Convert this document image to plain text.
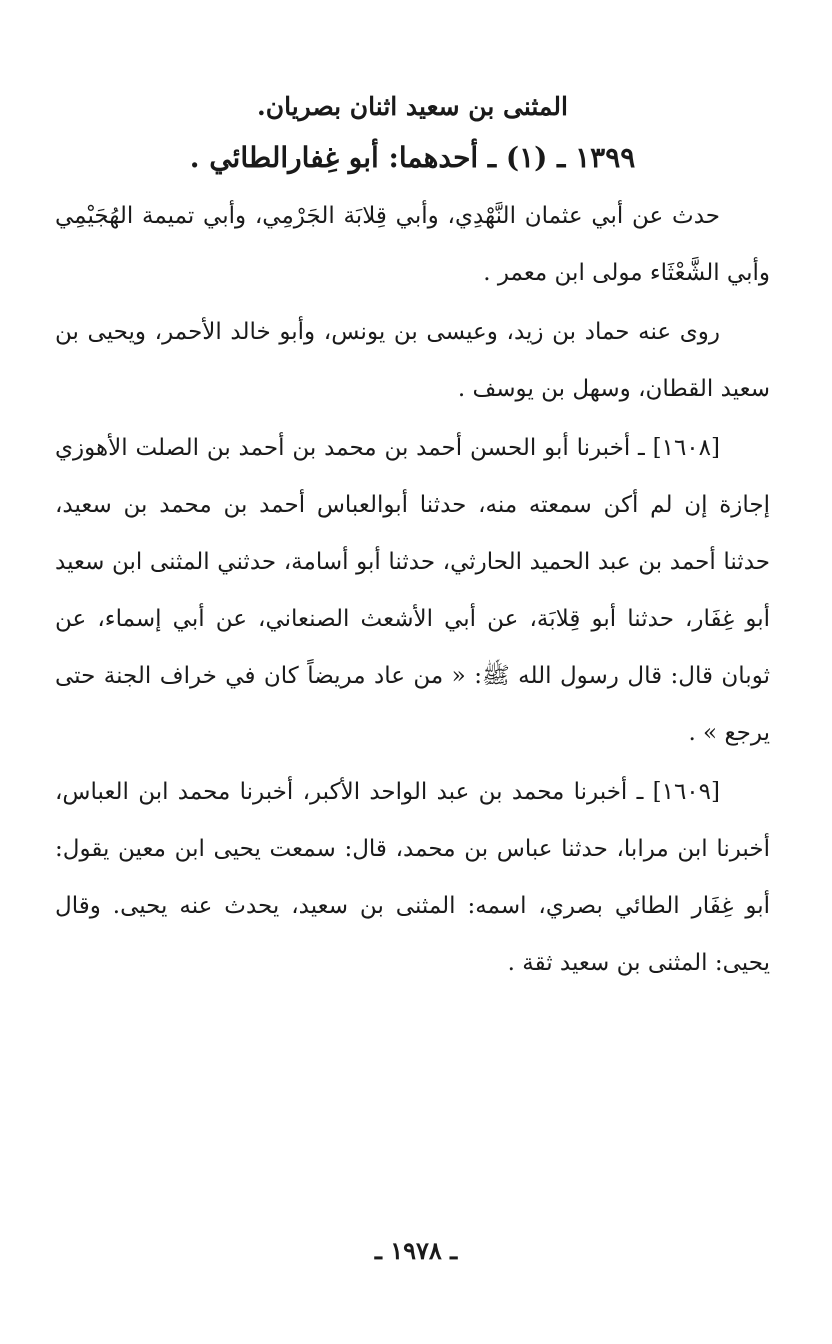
المثنى بن سعيد اثنان بصريان.
١٣٩٩ ـ (١) ـ أحدهما: أبو غِفارالطائي .

حدث عن أبي عثمان النَّهْدِي، وأبي قِلابَة الجَرْمِي، وأبي تميمة الهُجَيْمِي وأبي الشَّعْثَاء مولى ابن معمر .

روى عنه حماد بن زيد، وعيسى بن يونس، وأبو خالد الأحمر، ويحيى بن سعيد القطان، وسهل بن يوسف .

[١٦٠٨] ـ أخبرنا أبو الحسن أحمد بن محمد بن أحمد بن الصلت الأهوزي إجازة إن لم أكن سمعته منه، حدثنا أبوالعباس أحمد بن محمد بن سعيد، حدثنا أحمد بن عبد الحميد الحارثي، حدثنا أبو أسامة، حدثني المثنى ابن سعيد أبو غِفَار، حدثنا أبو قِلابَة، عن أبي الأشعث الصنعاني، عن أبي إسماء، عن ثوبان قال: قال رسول الله ﷺ: « من عاد مريضاً كان في خراف الجنة حتى يرجع » .

[١٦٠٩] ـ أخبرنا محمد بن عبد الواحد الأكبر، أخبرنا محمد ابن العباس، أخبرنا ابن مرابا، حدثنا عباس بن محمد، قال: سمعت يحيى ابن معين يقول: أبو غِفَار الطائي بصري، اسمه: المثنى بن سعيد، يحدث عنه يحيى. وقال يحيى: المثنى بن سعيد ثقة .

ـ ١٩٧٨ ـ
